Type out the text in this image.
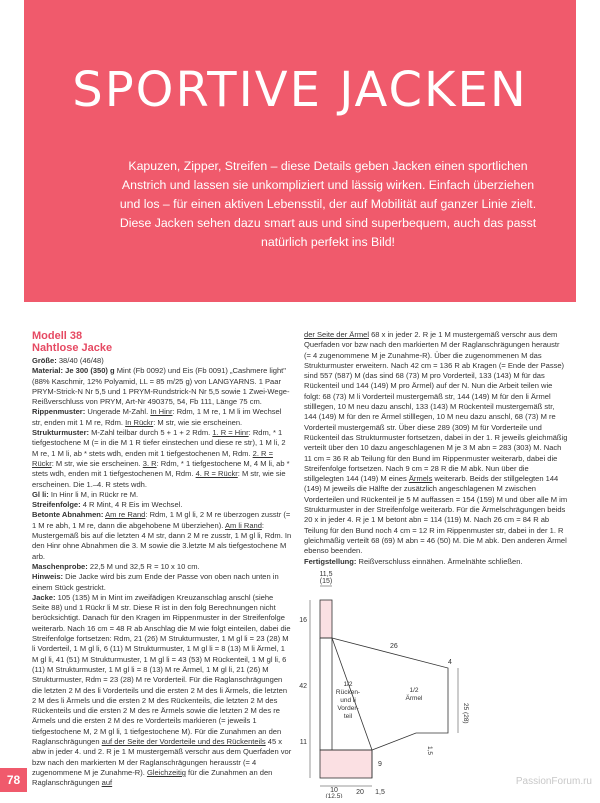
SPORTIVE JACKEN
Kapuzen, Zipper, Streifen – diese Details geben Jacken einen sportlichen Anstrich und lassen sie unkompliziert und lässig wirken. Einfach überziehen und los – für einen aktiven Lebensstil, der auf Mobilität auf ganzer Linie zielt. Diese Jacken sehen dazu smart aus und sind superbequem, auch das passt natürlich perfekt ins Bild!
Modell 38
Nahtlose Jacke

Größe: 38/40 (46/48)

Material: Je 300 (350) g Mint (Fb 0092) und Eis (Fb 0091) „Cashmere light" (88% Kaschmir, 12% Polyamid, LL = 85 m/25 g) von LANGYARNS. 1 Paar PRYM-Strick-N Nr 5,5 und 1 PRYM-Rundstrick-N Nr 5,5 sowie 1 Zwei-Wege-Reißverschluss von PRYM, Art-Nr 490375, 54, Fb 111, Länge 75 cm.

Rippenmuster: Ungerade M-Zahl. In Hinr: Rdm, 1 M re, 1 M li im Wechsel str, enden mit 1 M re, Rdm. In Rückr: M str, wie sie erscheinen.

Strukturmuster: M-Zahl teilbar durch 5 + 1 + 2 Rdm. 1. R = Hinr: Rdm, * 1 tiefgestochene M (= in die M 1 R tiefer einstechen und diese re str), 1 M li, 2 M re, 1 M li, ab * stets wdh, enden mit 1 tiefgestochenen M, Rdm. 2. R = Rückr: M str, wie sie erscheinen. 3. R: Rdm, * 1 tiefgestochene M, 4 M li, ab * stets wdh, enden mit 1 tiefgestochenen M, Rdm. 4. R = Rückr: M str, wie sie erscheinen. Die 1.–4. R stets wdh.

Gl li: In Hinr li M, in Rückr re M.

Streifenfolge: 4 R Mint, 4 R Eis im Wechsel.

Betonte Abnahmen: Am re Rand: Rdm, 1 M gl li, 2 M re überzogen zusstr (= 1 M re abh, 1 M re, dann die abgehobene M überziehen). Am li Rand: Mustergemäß bis auf die letzten 4 M str, dann 2 M re zusstr, 1 M gl li, Rdm. In den Hinr ohne Abnahmen die 3. M sowie die 3.letzte M als tiefgestochene M arb.

Maschenprobe: 22,5 M und 32,5 R = 10 x 10 cm.

Hinweis: Die Jacke wird bis zum Ende der Passe von oben nach unten in einem Stück gestrickt.

Jacke: 105 (135) M in Mint im zweifädigen Kreuzanschlag anschl (siehe Seite 88) und 1 Rückr li M str. Diese R ist in den folg Berechnungen nicht berücksichtigt. Danach für den Kragen im Rippenmuster in der Streifenfolge weiterarb. Nach 16 cm = 48 R ab Anschlag die M wie folgt einteilen, dabei die Streifenfolge fortsetzen: Rdm, 21 (26) M Strukturmuster, 1 M gl li = 23 (28) M li Vorderteil, 1 M gl li, 6 (11) M Strukturmuster, 1 M gl li = 8 (13) M li Ärmel, 1 M gl li, 41 (51) M Strukturmuster, 1 M gl li = 43 (53) M Rückenteil, 1 M gl li, 6 (11) M Strukturmuster, 1 M gl li = 8 (13) M re Ärmel, 1 M gl li, 21 (26) M Strukturmuster, Rdm = 23 (28) M re Vorderteil. Für die Raglanschrägungen die letzten 2 M des li Vorderteils und die ersten 2 M des li Ärmels, die letzten 2 M des li Ärmels und die ersten 2 M des Rückenteils, die letzten 2 M des Rückenteils und die ersten 2 M des re Ärmels sowie die letzten 2 M des re Ärmels und die ersten 2 M des re Vorderteils markieren (= jeweils 1 tiefgestochene M, 2 M gl li, 1 tiefgestochene M). Für die Zunahmen an den Raglanschrägungen auf der Seite der Vorderteile und des Rückenteils 45 x abw in jeder 4. und 2. R je 1 M mustergemäß verschr aus dem Querfaden vor bzw nach den markierten M der Raglanschrägungen herausstr (= 4 zugenommene M je Zunahme-R). Gleichzeitig für die Zunahmen an den Raglanschrägungen auf

der Seite der Ärmel 68 x in jeder 2. R je 1 M mustergemäß verschr aus dem Querfaden vor bzw nach den markierten M der Raglanschrägungen heraustr (= 4 zugenommene M je Zunahme-R). Über die zugenommenen M das Strukturmuster erweitern. Nach 42 cm = 136 R ab Kragen (= Ende der Passe) sind 557 (587) M (das sind 68 (73) M pro Vorderteil, 133 (143) M für das Rückenteil und 144 (149) M pro Ärmel) auf der N. Nun die Arbeit teilen wie folgt: 68 (73) M li Vorderteil mustergemäß str, 144 (149) M für den li Ärmel stilllegen, 10 M neu dazu anschl, 133 (143) M Rückenteil mustergemäß str, 144 (149) M für den re Ärmel stilllegen, 10 M neu dazu anschl, 68 (73) M re Vorderteil mustergemäß str. Über diese 289 (309) M für Vorderteile und Rückenteil das Strukturmuster fortsetzen, dabei in der 1. R jeweils gleichmäßig verteilt über den 10 dazu angeschlagenen M je 3 M abn = 283 (303) M. Nach 11 cm = 36 R ab Teilung für den Bund im Rippenmuster weiterarb, dabei die Streifenfolge fortsetzen. Nach 9 cm = 28 R die M abk. Nun über die stillgelegten 144 (149) M eines Ärmels weiterarb. Beids der stillgelegten 144 (149) M jeweils die Hälfte der zusätzlich angeschlagenen M zwischen Vorderteilen und Rückenteil je 5 M auffassen = 154 (159) M und über alle M im Strukturmuster in der Streifenfolge weiterarb. Für die Ärmelschrägungen beids 20 x in jeder 4. R je 1 M betont abn = 114 (119) M. Nach 26 cm = 84 R ab Teilung für den Bund noch 4 cm = 12 R im Rippenmuster str, dabei in der 1. R gleichmäßig verteilt 68 (69) M abn = 46 (50) M. Die M abk. Den anderen Ärmel ebenso beenden.

Fertigstellung: Reißverschluss einnähen. Ärmelnähte schließen.

11,5
(15)
16
26
4
42
25 (28)
11
9
1,5
1/2
Rücken-
und li
Vorder-
teil
1/2
Ärmel
10
(12,5)
20 1,5
78	PassionForum.ru
